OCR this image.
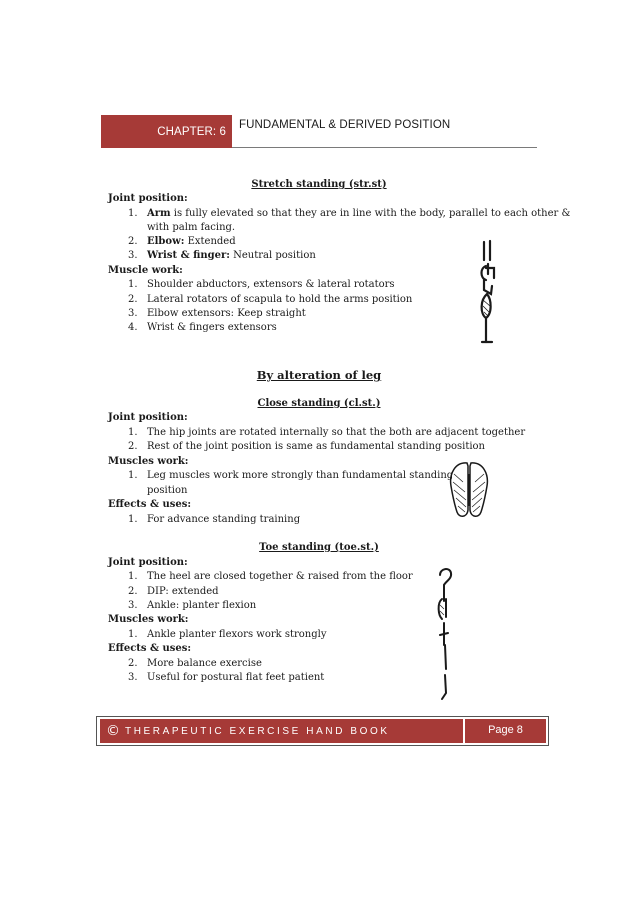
CHAPTER: 6
FUNDAMENTAL & DERIVED POSITION
Stretch standing (str.st)
Joint position:
1. Arm is fully elevated so that they are in line with the body, parallel to each other &
with palm facing.
2. Elbow: Extended
3. Wrist & finger: Neutral position
Muscle work:
1. Shoulder abductors, extensors & lateral rotators
2. Lateral rotators of scapula to hold the arms position
3. Elbow extensors: Keep straight
4. Wrist & fingers extensors
By alteration of leg
Close standing (cl.st.)
Joint position:
1. The hip joints are rotated internally so that the both are adjacent together
2. Rest of the joint position is same as fundamental standing position
Muscles work:
1. Leg muscles work more strongly than fundamental standing
position
Effects & uses:
1. For advance standing training
Toe standing (toe.st.)
Joint position:
1. The heel are closed together & raised from the floor
2. DIP: extended
3. Ankle: planter flexion
Muscles work:
1. Ankle planter flexors work strongly
Effects & uses:
2. More balance exercise
3. Useful for postural flat feet patient
© THERAPEUTIC EXERCISE HAND BOOK	Page 8
